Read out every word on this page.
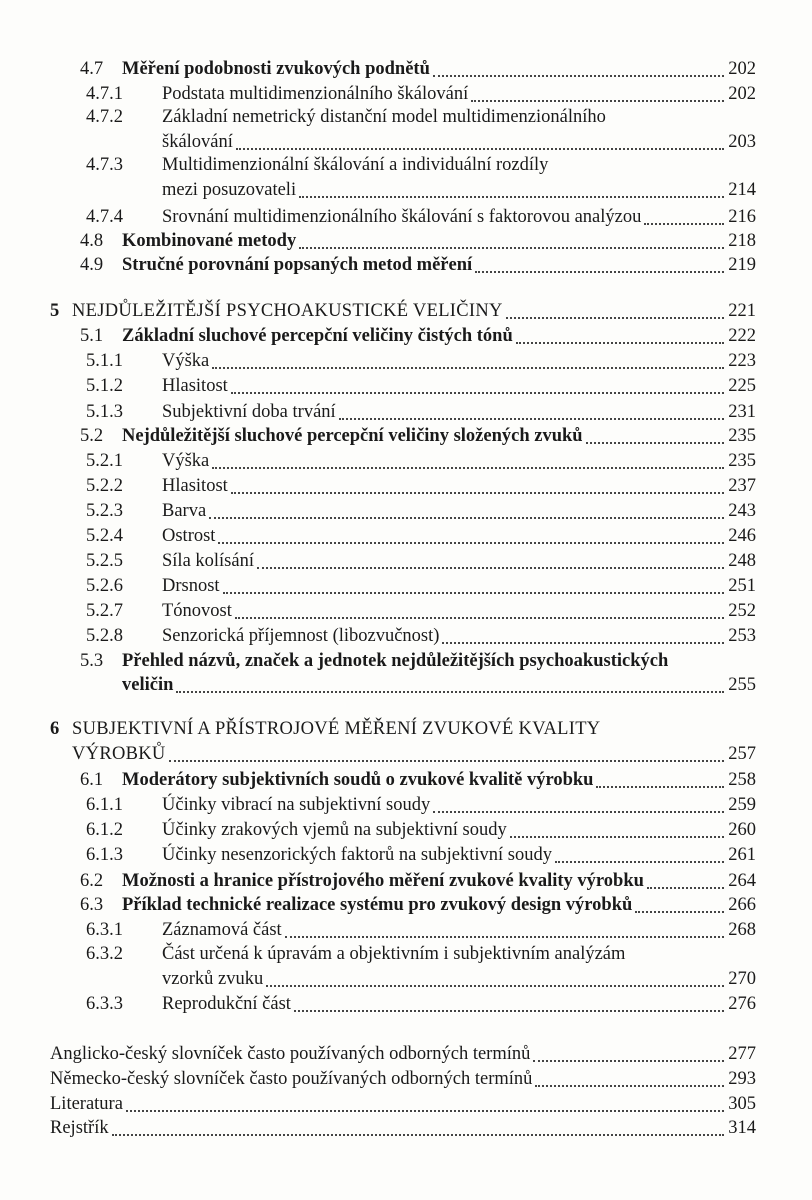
4.7 Měření podobnosti zvukových podnětů	202
4.7.1 Podstata multidimenzionálního škálování	202
4.7.2 Základní nemetrický distanční model multidimenzionálního
škálování	203
4.7.3 Multidimenzionální škálování a individuální rozdíly
mezi posuzovateli	214
4.7.4 Srovnání multidimenzionálního škálování s faktorovou analýzou	216
4.8 Kombinované metody	218
4.9 Stručné porovnání popsaných metod měření	219
5 NEJDŮLEŽITĚJŠÍ PSYCHOAKUSTICKÉ VELIČINY	221
5.1 Základní sluchové percepční veličiny čistých tónů	222
5.1.1 Výška	223
5.1.2 Hlasitost	225
5.1.3 Subjektivní doba trvání	231
5.2 Nejdůležitější sluchové percepční veličiny složených zvuků	235
5.2.1 Výška	235
5.2.2 Hlasitost	237
5.2.3 Barva	243
5.2.4 Ostrost	246
5.2.5 Síla kolísání	248
5.2.6 Drsnost	251
5.2.7 Tónovost	252
5.2.8 Senzorická příjemnost (libozvučnost)	253
5.3 Přehled názvů, značek a jednotek nejdůležitějších psychoakustických
veličin	255
6 SUBJEKTIVNÍ A PŘÍSTROJOVÉ MĚŘENÍ ZVUKOVÉ KVALITY
VÝROBKŮ	257
6.1 Moderátory subjektivních soudů o zvukové kvalitě výrobku	258
6.1.1 Účinky vibrací na subjektivní soudy	259
6.1.2 Účinky zrakových vjemů na subjektivní soudy	260
6.1.3 Účinky nesenzorických faktorů na subjektivní soudy	261
6.2 Možnosti a hranice přístrojového měření zvukové kvality výrobku	264
6.3 Příklad technické realizace systému pro zvukový design výrobků	266
6.3.1 Záznamová část	268
6.3.2 Část určená k úpravám a objektivním i subjektivním analýzám
vzorků zvuku	270
6.3.3 Reprodukční část	276
Anglicko-český slovníček často používaných odborných termínů	277
Německo-český slovníček často používaných odborných termínů	293
Literatura	305
Rejstřík	314
